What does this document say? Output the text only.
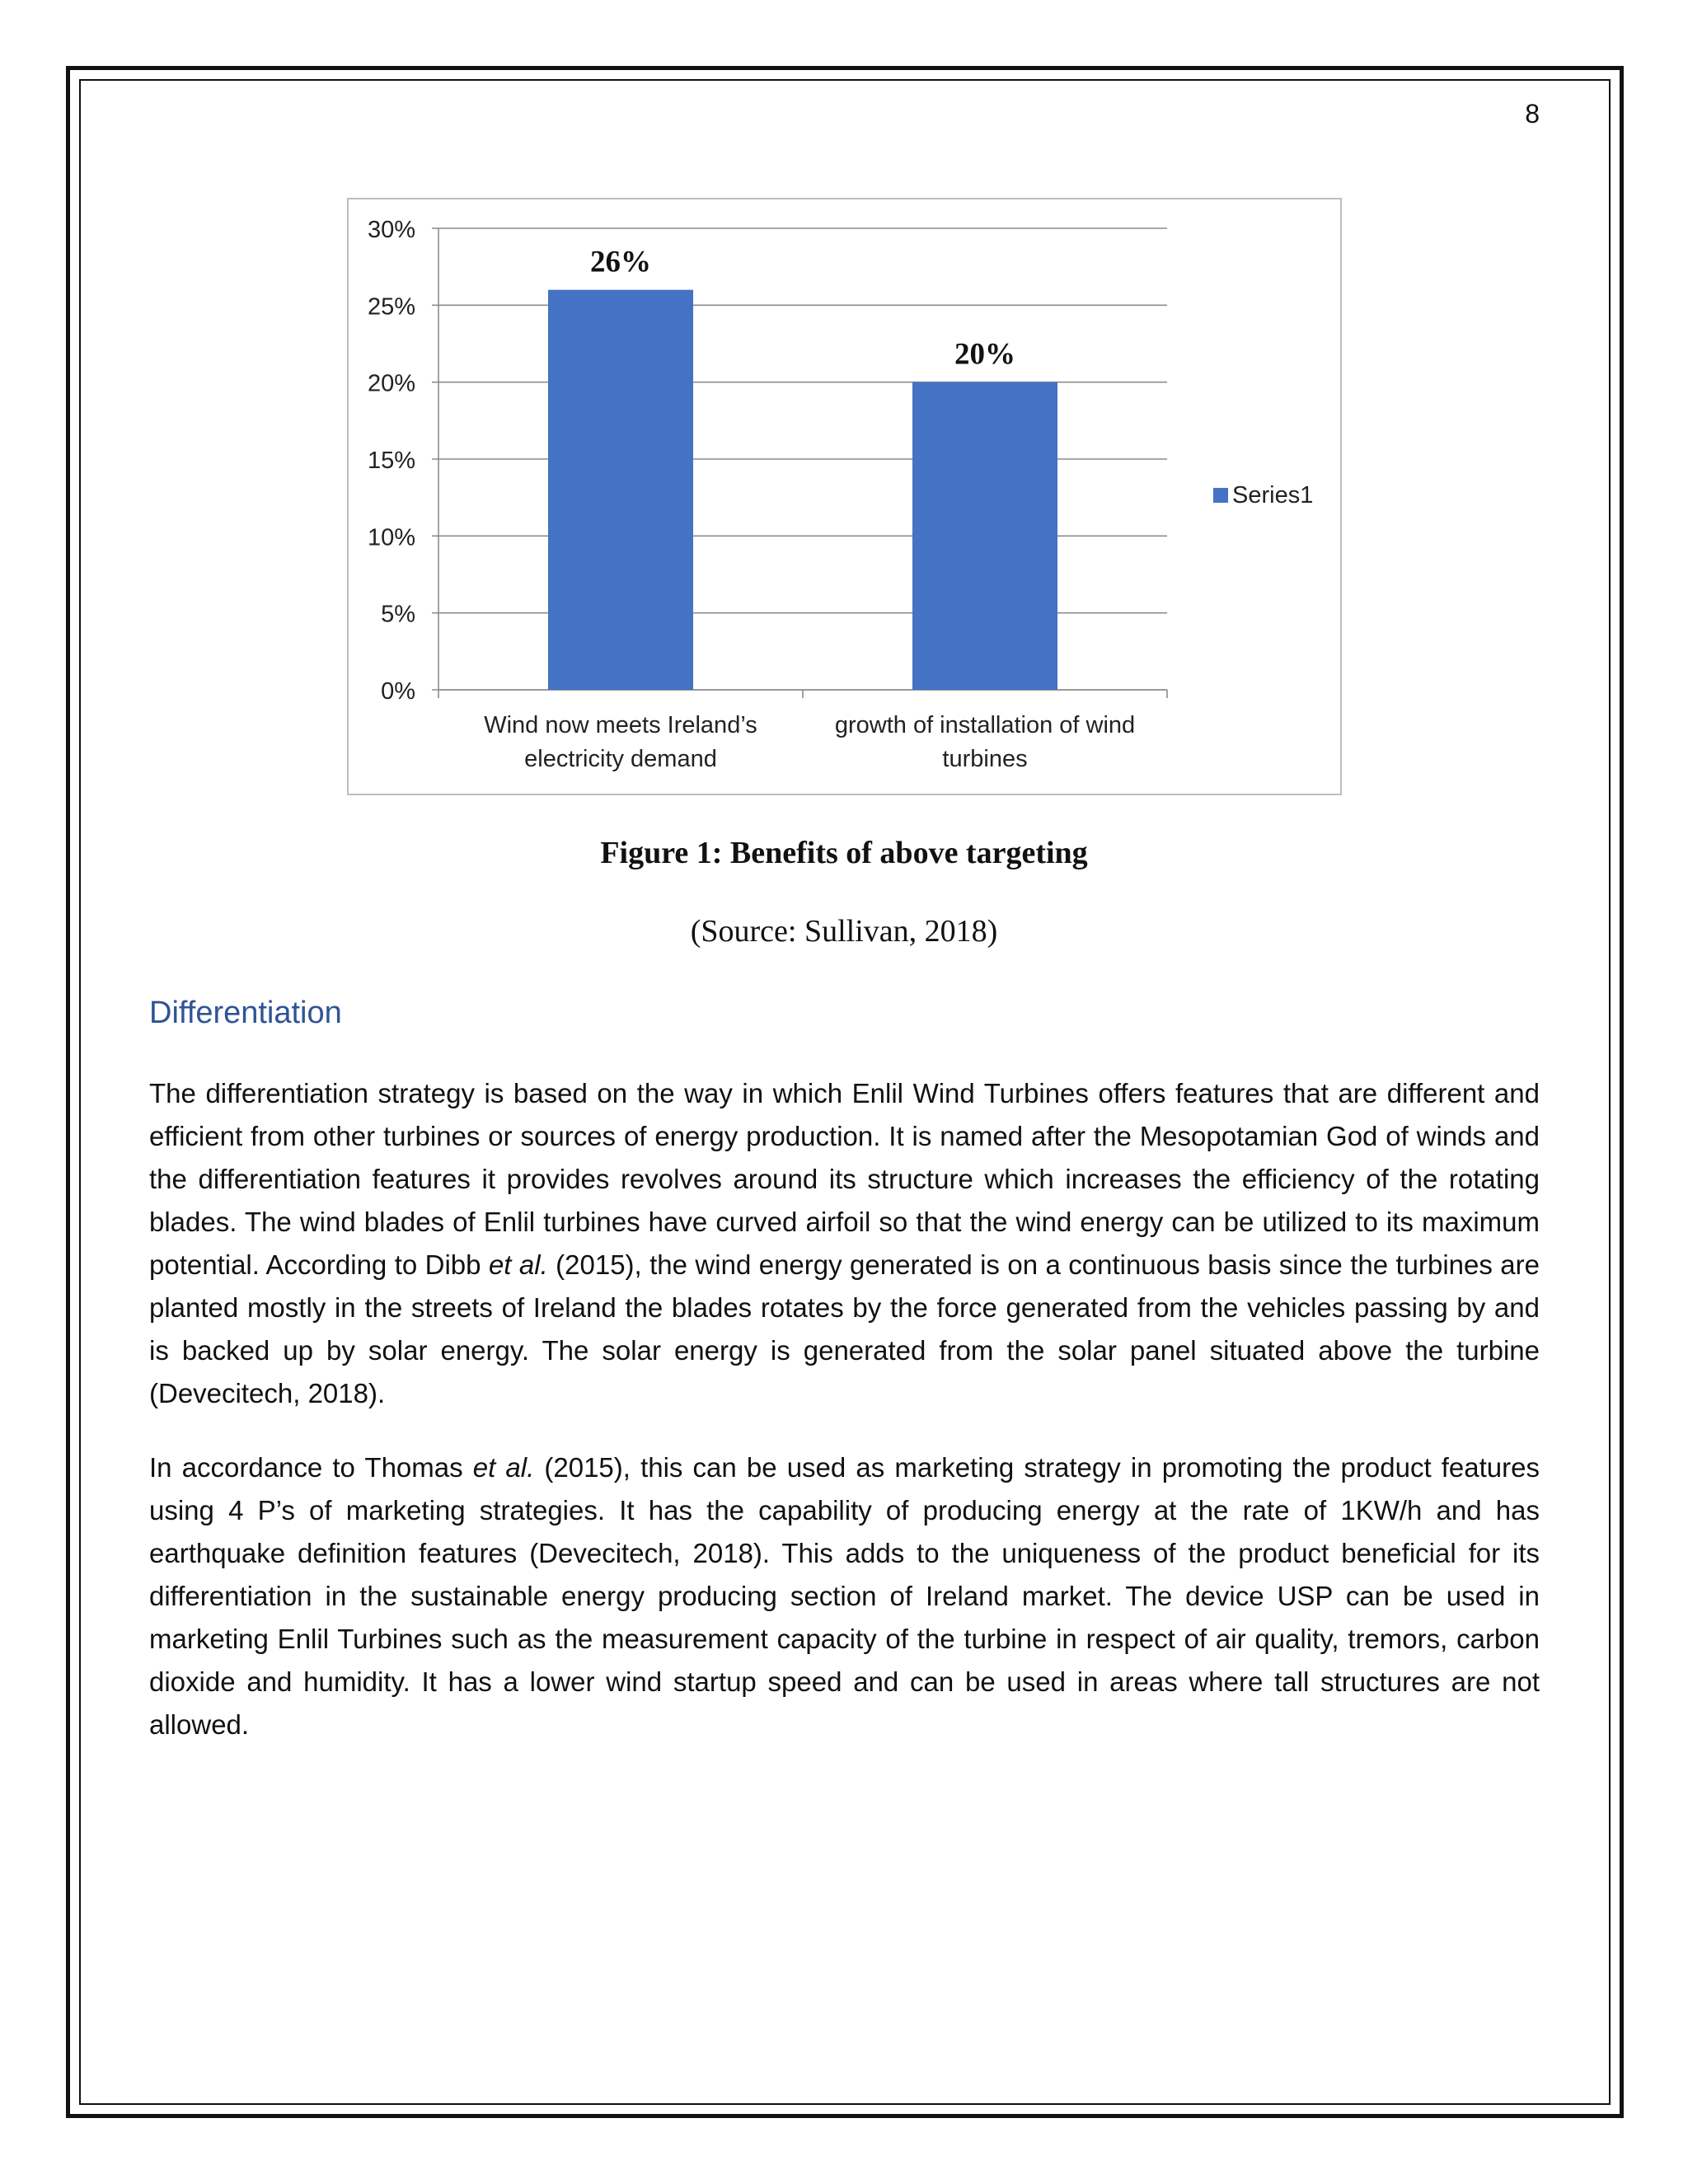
8
0%
5%
10%
15%
20%
25%
30%
26%
Wind now meets Ireland’s
electricity demand
20%
growth of installation of wind
turbines
Series1
Figure 1: Benefits of above targeting
(Source: Sullivan, 2018)
Differentiation

The differentiation strategy is based on the way in which Enlil Wind Turbines offers features that are different and efficient from other turbines or sources of energy production. It is named after the Mesopotamian God of winds and the differentiation features it provides revolves around its structure which increases the efficiency of the rotating blades. The wind blades of Enlil turbines have curved airfoil so that the wind energy can be utilized to its maximum potential. According to Dibb et al. (2015), the wind energy generated is on a continuous basis since the turbines are planted mostly in the streets of Ireland the blades rotates by the force generated from the vehicles passing by and is backed up by solar energy. The solar energy is generated from the solar panel situated above the turbine (Devecitech, 2018).

In accordance to Thomas et al. (2015), this can be used as marketing strategy in promoting the product features using 4 P’s of marketing strategies. It has the capability of producing energy at the rate of 1KW/h and has earthquake definition features (Devecitech, 2018). This adds to the uniqueness of the product beneficial for its differentiation in the sustainable energy producing section of Ireland market. The device USP can be used in marketing Enlil Turbines such as the measurement capacity of the turbine in respect of air quality, tremors, carbon dioxide and humidity. It has a lower wind startup speed and can be used in areas where tall structures are not allowed.
